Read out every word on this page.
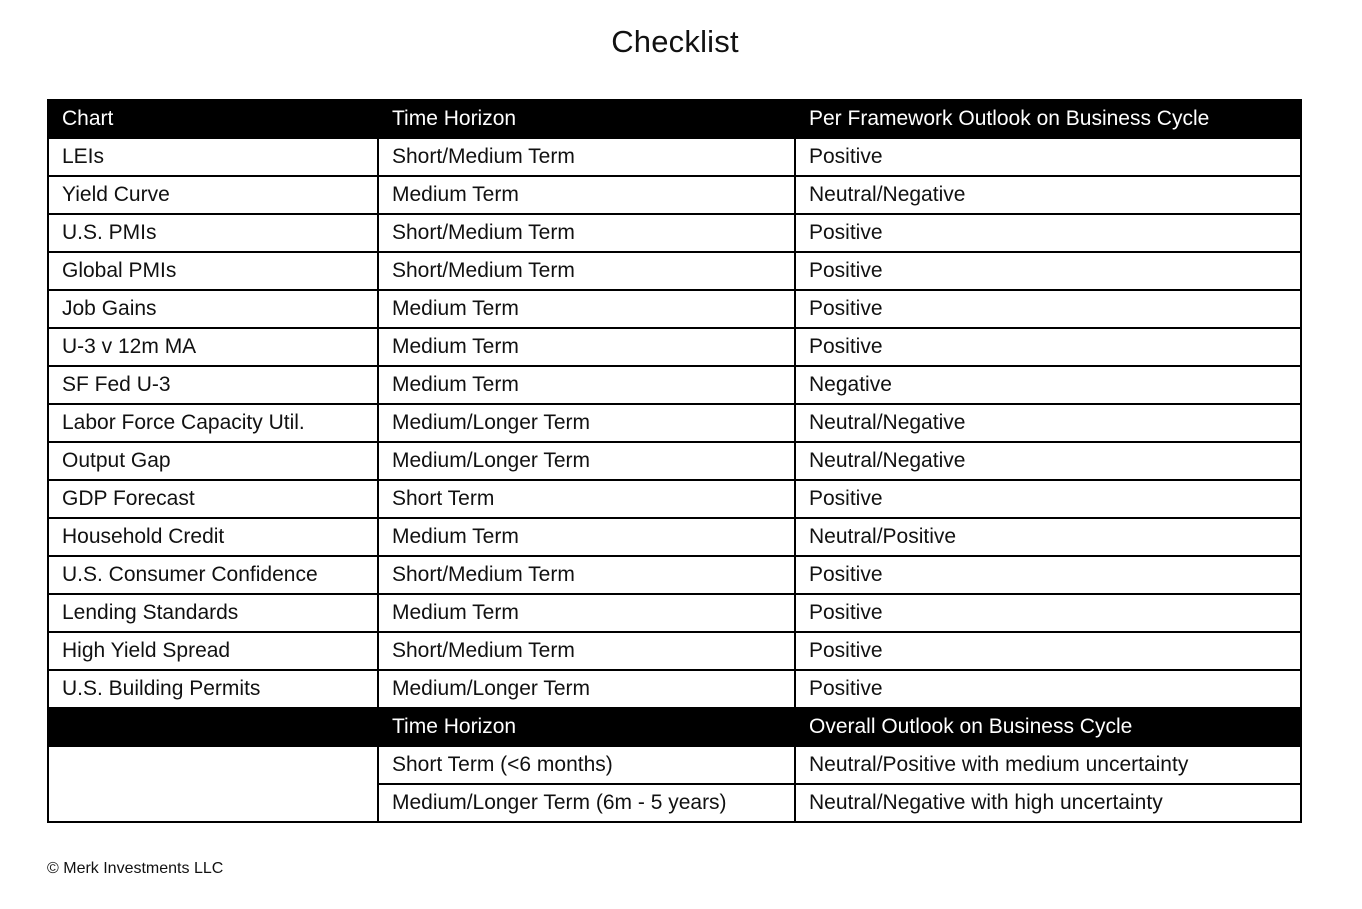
Checklist
Chart	Time Horizon	Per Framework Outlook on Business Cycle
LEIs	Short/Medium Term	Positive
Yield Curve	Medium Term	Neutral/Negative
U.S. PMIs	Short/Medium Term	Positive
Global PMIs	Short/Medium Term	Positive
Job Gains	Medium Term	Positive
U-3 v 12m MA	Medium Term	Positive
SF Fed U-3	Medium Term	Negative
Labor Force Capacity Util.	Medium/Longer Term	Neutral/Negative
Output Gap	Medium/Longer Term	Neutral/Negative
GDP Forecast	Short Term	Positive
Household Credit	Medium Term	Neutral/Positive
U.S. Consumer Confidence	Short/Medium Term	Positive
Lending Standards	Medium Term	Positive
High Yield Spread	Short/Medium Term	Positive
U.S. Building Permits	Medium/Longer Term	Positive
	Time Horizon	Overall Outlook on Business Cycle
	Short Term (<6 months)	Neutral/Positive with medium uncertainty
	Medium/Longer Term (6m - 5 years)	Neutral/Negative with high uncertainty
© Merk Investments LLC
